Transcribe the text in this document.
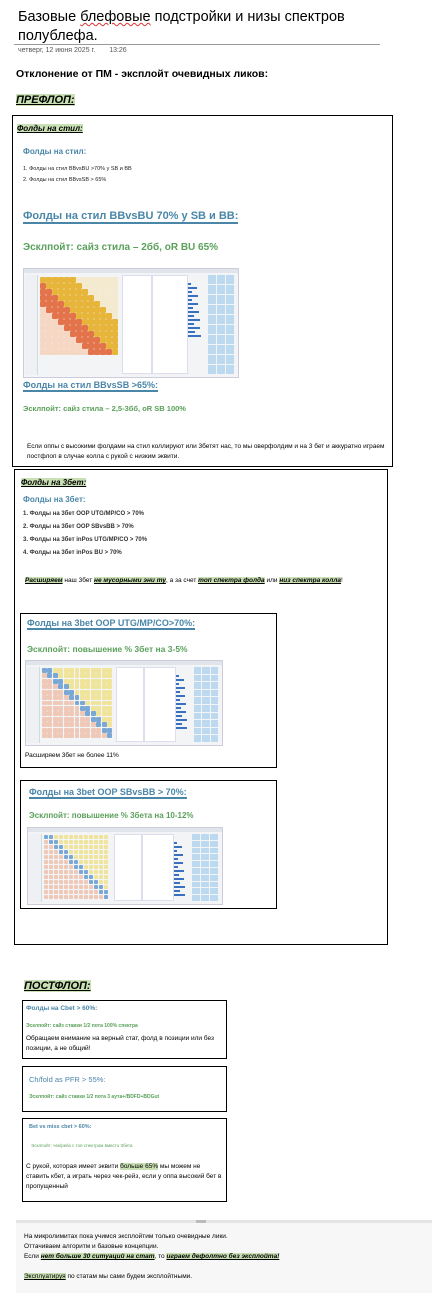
Базовые блефовые подстройки и низы спектров полублефа.
четверг, 12 июня 2025 г. 13:26
Отклонение от ПМ - эксплойт очевидных ликов:
ПРЕФЛОП:
Фолды на стил:
Фолды на стил:
1. Фолды на стил BBvsBU >70% у SB и BB
2. Фолды на стил BBvsSB > 65%
Фолды на стил BBvsBU 70% у SB и BB:
Эсклпойт: сайз стила – 2бб, oR BU 65%
Фолды на стил BBvsSB >65%:
Эсклпойт: сайз стила – 2,5-3бб, oR SB 100%
Если оппы с высокими фолдами на стил коллируют или 3бетят нас, то мы оверфолдим и на 3 бет и аккуратно играем постфлоп в случае колла с рукой с низким эквити.
Фолды на 3бет:
Фолды на 3бет:
1. Фолды на 3бет OOP UTG/MP/CO > 70%
2. Фолды на 3бет OOP SBvsBB > 70%
3. Фолды на 3бет inPos UTG/MP/CO > 70%
4. Фолды на 3бет inPos BU > 70%
Расширяем наш 3бет не мусорными эни ту, а за счет топ спектра фолда или низ спектра колла!
Фолды на 3bet OOP UTG/MP/CO>70%:
Эсклпойт: повышение % 3бет на 3-5%
Расширяем 3бет не более 11%
Фолды на 3bet OOP SBvsBB > 70%:
Эсклпойт: повышение % 3бета на 10-12%
ПОСТФЛОП:
Фолды на Cbet > 60%:
Эсклпойт: сайз ставки 1/2 пота 100% спектра
Обращаем внимание на верный стат, фолд в позиции или без позиции, а не общий!
Ch/fold as PFR > 55%:
Эсклпойт: сайз ставки 1/2 пота 3 аута+/BDFD+BDGut
Bet vs miss cbet > 60%:
Эсклпойт: чек/рейз с топ-спектром вместо 3бета
С рукой, которая имеет эквити больше 65% мы можем не ставить кбет, а играть через чек-рейз, если у оппа высокий бет в пропущенный
На микролимитах пока учимся эксплойтим только очевидные лики.
Оттачиваем алгоритм и базовые концепции.
Если нет больше 30 ситуаций на стат, то играем дефолтно без эксплойта!
Эксплуатируя по статам мы сами будем эксплойтными.
